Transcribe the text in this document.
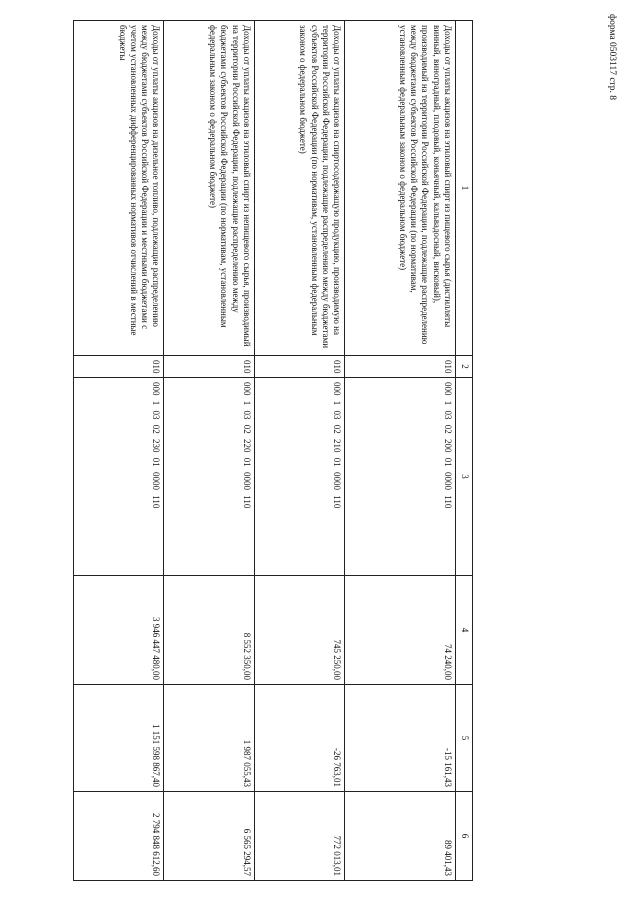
форма 0503117 стр. 8
1	2	3	4	5	6
Доходы от уплаты акцизов на этиловый спирт из пищевого сырья (дистилляты винный, виноградный, плодовый, коньячный, кальвадосный, висковый), производимый на территории Российской Федерации, подлежащие распределению между бюджетами субъектов Российской Федерации (по нормативам, установленным федеральным законом о федеральном бюджете)	010	000 1 03 02 200 01 0000 110	74 240,00	-15 161,43	89 401,43
Доходы от уплаты акцизов на спиртосодержащую продукцию, производимую на территории Российской Федерации, подлежащие распределению между бюджетами субъектов Российской Федерации (по нормативам, установленным федеральным законом о федеральном бюджете)	010	000 1 03 02 210 01 0000 110	745 250,00	-26 763,01	772 013,01
Доходы от уплаты акцизов на этиловый спирт из непищевого сырья, производимый на территории Российской Федерации, подлежащие распределению между бюджетами субъектов Российской Федерации (по нормативам, установленным федеральным законом о федеральном бюджете)	010	000 1 03 02 220 01 0000 110	8 552 350,00	1 987 055,43	6 565 294,57
Доходы от уплаты акцизов на дизельное топливо, подлежащие распределению между бюджетами субъектов Российской Федерации и местными бюджетами с учетом установленных дифференцированных нормативов отчислений в местные бюджеты	010	000 1 03 02 230 01 0000 110	3 946 447 480,00	1 151 598 867,40	2 794 848 612,60
